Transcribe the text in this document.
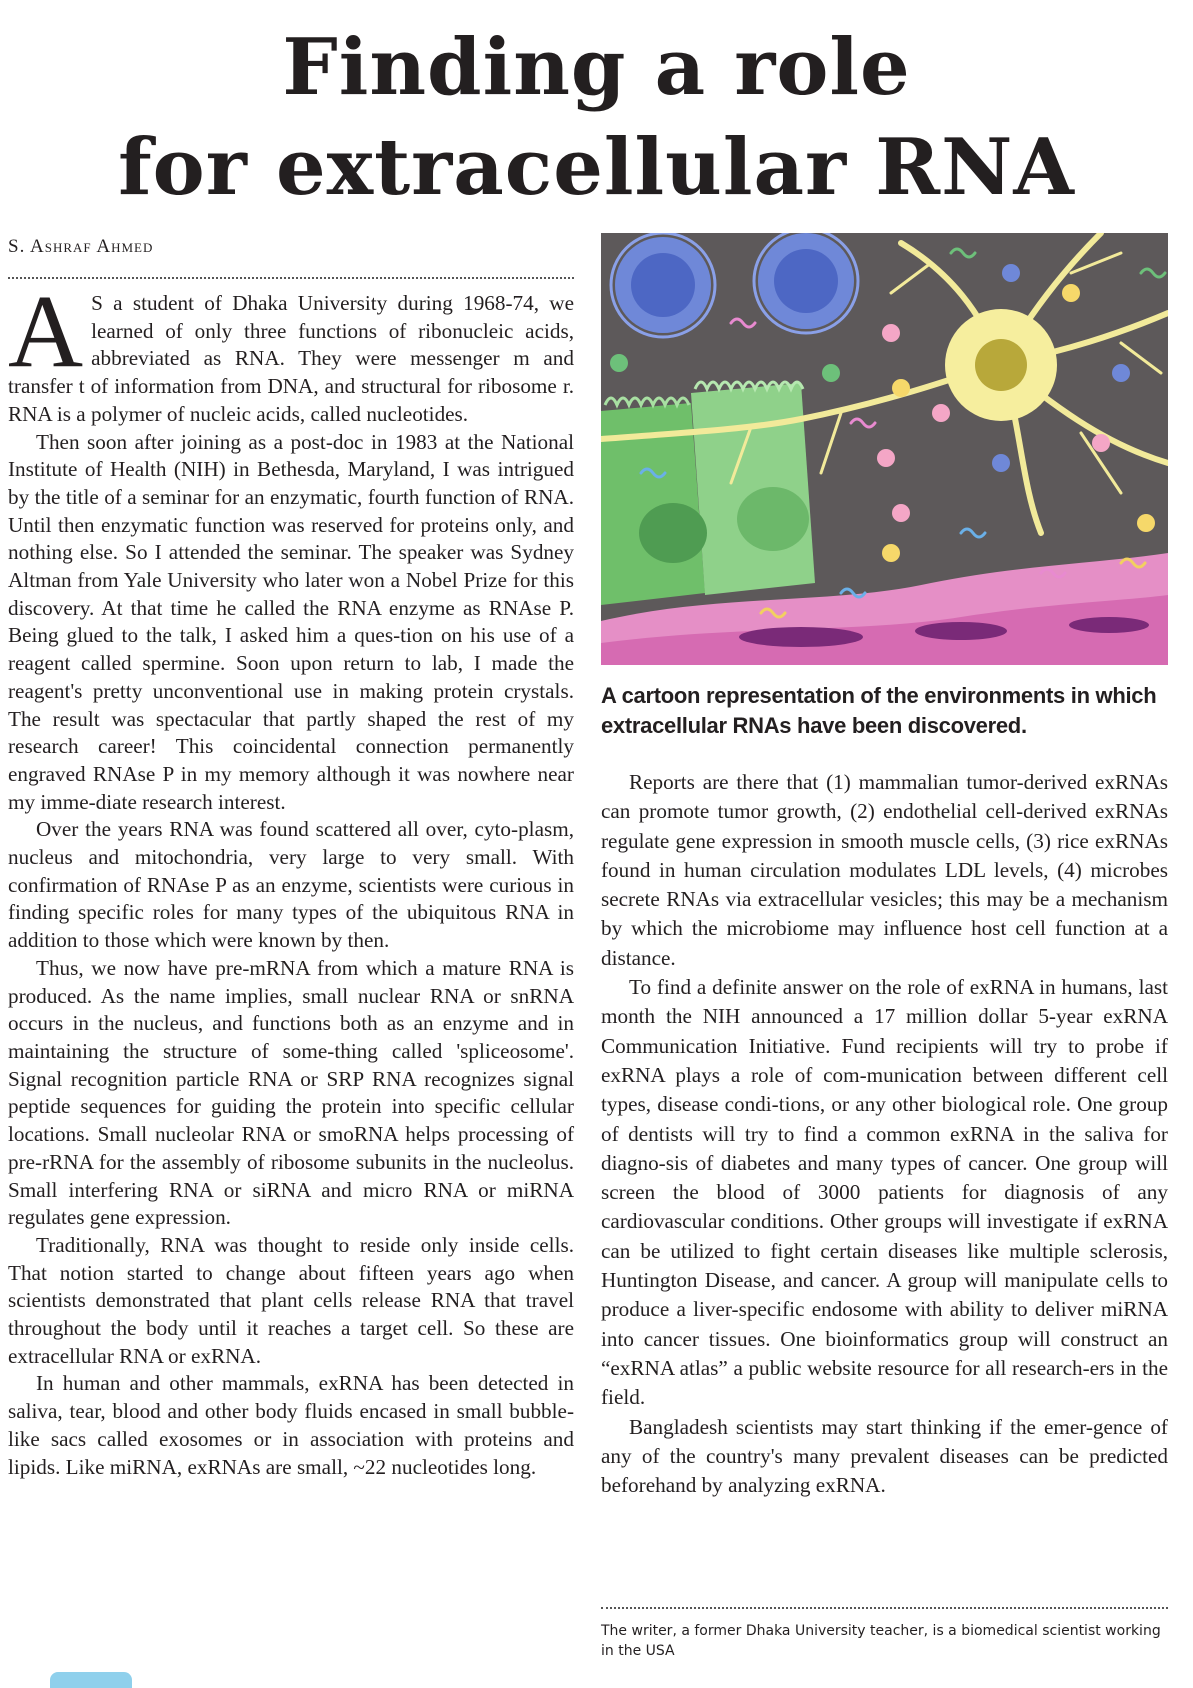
Finding a role
for extracellular RNA
S. Ashraf Ahmed

A S a student of Dhaka University during 1968-74, we learned of only three functions of ribonucleic acids, abbreviated as RNA. They were messenger m and transfer t of information from DNA, and structural for ribosome r. RNA is a polymer of nucleic acids, called nucleotides.

Then soon after joining as a post-doc in 1983 at the National Institute of Health (NIH) in Bethesda, Maryland, I was intrigued by the title of a seminar for an enzymatic, fourth function of RNA. Until then enzymatic function was reserved for proteins only, and nothing else. So I attended the seminar. The speaker was Sydney Altman from Yale University who later won a Nobel Prize for this discovery. At that time he called the RNA enzyme as RNAse P. Being glued to the talk, I asked him a ques-tion on his use of a reagent called spermine. Soon upon return to lab, I made the reagent's pretty unconventional use in making protein crystals. The result was spectacular that partly shaped the rest of my research career! This coincidental connection permanently engraved RNAse P in my memory although it was nowhere near my imme-diate research interest.

Over the years RNA was found scattered all over, cyto-plasm, nucleus and mitochondria, very large to very small. With confirmation of RNAse P as an enzyme, scientists were curious in finding specific roles for many types of the ubiquitous RNA in addition to those which were known by then.

Thus, we now have pre-mRNA from which a mature RNA is produced. As the name implies, small nuclear RNA or snRNA occurs in the nucleus, and functions both as an enzyme and in maintaining the structure of some-thing called 'spliceosome'. Signal recognition particle RNA or SRP RNA recognizes signal peptide sequences for guiding the protein into specific cellular locations. Small nucleolar RNA or smoRNA helps processing of pre-rRNA for the assembly of ribosome subunits in the nucleolus. Small interfering RNA or siRNA and micro RNA or miRNA regulates gene expression.

Traditionally, RNA was thought to reside only inside cells. That notion started to change about fifteen years ago when scientists demonstrated that plant cells release RNA that travel throughout the body until it reaches a target cell. So these are extracellular RNA or exRNA.

In human and other mammals, exRNA has been detected in saliva, tear, blood and other body fluids encased in small bubble-like sacs called exosomes or in association with proteins and lipids. Like miRNA, exRNAs are small, ~22 nucleotides long.

A cartoon representation of the environments in which extracellular RNAs have been discovered.

Reports are there that (1) mammalian tumor-derived exRNAs can promote tumor growth, (2) endothelial cell-derived exRNAs regulate gene expression in smooth muscle cells, (3) rice exRNAs found in human circulation modulates LDL levels, (4) microbes secrete RNAs via extracellular vesicles; this may be a mechanism by which the microbiome may influence host cell function at a distance.

To find a definite answer on the role of exRNA in humans, last month the NIH announced a 17 million dollar 5-year exRNA Communication Initiative. Fund recipients will try to probe if exRNA plays a role of com-munication between different cell types, disease condi-tions, or any other biological role. One group of dentists will try to find a common exRNA in the saliva for diagno-sis of diabetes and many types of cancer. One group will screen the blood of 3000 patients for diagnosis of any cardiovascular conditions. Other groups will investigate if exRNA can be utilized to fight certain diseases like multiple sclerosis, Huntington Disease, and cancer. A group will manipulate cells to produce a liver-specific endosome with ability to deliver miRNA into cancer tissues. One bioinformatics group will construct an “exRNA atlas” a public website resource for all research-ers in the field.

Bangladesh scientists may start thinking if the emer-gence of any of the country's many prevalent diseases can be predicted beforehand by analyzing exRNA.

The writer, a former Dhaka University teacher, is a biomedical scientist working in the USA
